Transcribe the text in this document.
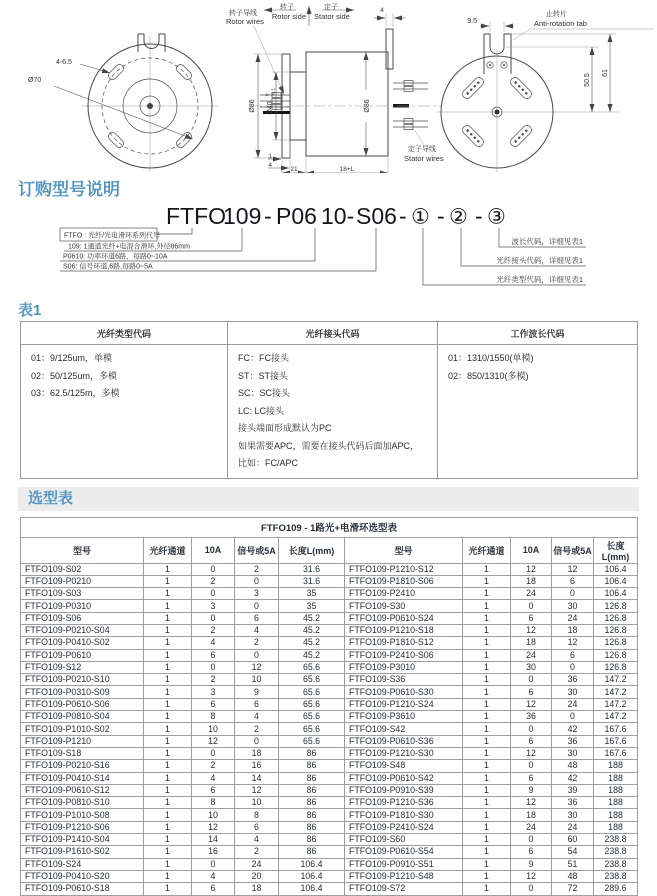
4-6.5
Ø70
转子
Rotor side
定子
Stator side
转子导线
Rotor wires
4
Ø86 Ø40
0 -0.1
Ø86
1
4
21	18+L
定子导线
Stator wires
9.5
止转片
Anti-rotation tab
50.5
61
订购型号说明
FTFO
109 - P06 10- S06 - ① - ② - ③
FTFO : 光纤/光电滑环系列代号
109: 1通道光纤+电混合滑环,外径86mm
P0610: 功率环道6路，每路0~10A
S06: 信号环道,6路,每路0~5A
波长代码，详细见表1
光纤接头代码，详细见表1
光纤类型代码，详细见表1
表1
光纤类型代码	光纤接头代码	工作波长代码

01：9/125um，单模
02：50/125um，多模
03：62.5/125m，多模

FC：FC接头
ST：ST接头
SC：SC接头
LC: LC接头
接头端面形成默认为PC
如果需要APC，需要在接头代码后面加APC，
比如：FC/APC

01：1310/1550(单模)
02：850/1310(多模)
选型表
FTFO109 - 1路光+电滑环选型表									
型号	光纤通道	10A	信号或5A	长度L(mm)	型号	光纤通道	10A	信号或5A	长度L(mm)
FTFO109-S02	1	0	2	31.6	FTFO109-P1210-S12	1	12	12	106.4
FTFO109-P0210	1	2	0	31.6	FTFO109-P1810-S06	1	18	6	106.4
FTFO109-S03	1	0	3	35	FTFO109-P2410	1	24	0	106.4
FTFO109-P0310	1	3	0	35	FTFO109-S30	1	0	30	126.8
FTFO109-S06	1	0	6	45.2	FTFO109-P0610-S24	1	6	24	126.8
FTFO109-P0210-S04	1	2	4	45.2	FTFO109-P1210-S18	1	12	18	126.8
FTFO109-P0410-S02	1	4	2	45.2	FTFO109-P1810-S12	1	18	12	126.8
FTFO109-P0610	1	6	0	45.2	FTFO109-P2410-S06	1	24	6	126.8
FTFO109-S12	1	0	12	65.6	FTFO109-P3010	1	30	0	126.8
FTFO109-P0210-S10	1	2	10	65.6	FTFO109-S36	1	0	36	147.2
FTFO109-P0310-S09	1	3	9	65.6	FTFO109-P0610-S30	1	6	30	147.2
FTFO109-P0610-S06	1	6	6	65.6	FTFO109-P1210-S24	1	12	24	147.2
FTFO109-P0810-S04	1	8	4	65.6	FTFO109-P3610	1	36	0	147.2
FTFO109-P1010-S02	1	10	2	65.6	FTFO109-S42	1	0	42	167.6
FTFO109-P1210	1	12	0	65.6	FTFO109-P0610-S36	1	6	36	167.6
FTFO109-S18	1	0	18	86	FTFO109-P1210-S30	1	12	30	167.6
FTFO109-P0210-S16	1	2	16	86	FTFO109-S48	1	0	48	188
FTFO109-P0410-S14	1	4	14	86	FTFO109-P0610-S42	1	6	42	188
FTFO109-P0610-S12	1	6	12	86	FTFO109-P0910-S39	1	9	39	188
FTFO109-P0810-S10	1	8	10	86	FTFO109-P1210-S36	1	12	36	188
FTFO109-P1010-S08	1	10	8	86	FTFO109-P1810-S30	1	18	30	188
FTFO109-P1210-S06	1	12	6	86	FTFO109-P2410-S24	1	24	24	188
FTFO109-P1410-S04	1	14	4	86	FTFO109-S60	1	0	60	238.8
FTFO109-P1610-S02	1	16	2	86	FTFO109-P0610-S54	1	6	54	238.8
FTFO109-S24	1	0	24	106.4	FTFO109-P0910-S51	1	9	51	238.8
FTFO109-P0410-S20	1	4	20	106.4	FTFO109-P1210-S48	1	12	48	238.8
FTFO109-P0610-S18	1	6	18	106.4	FTFO109-S72	1	0	72	289.6
